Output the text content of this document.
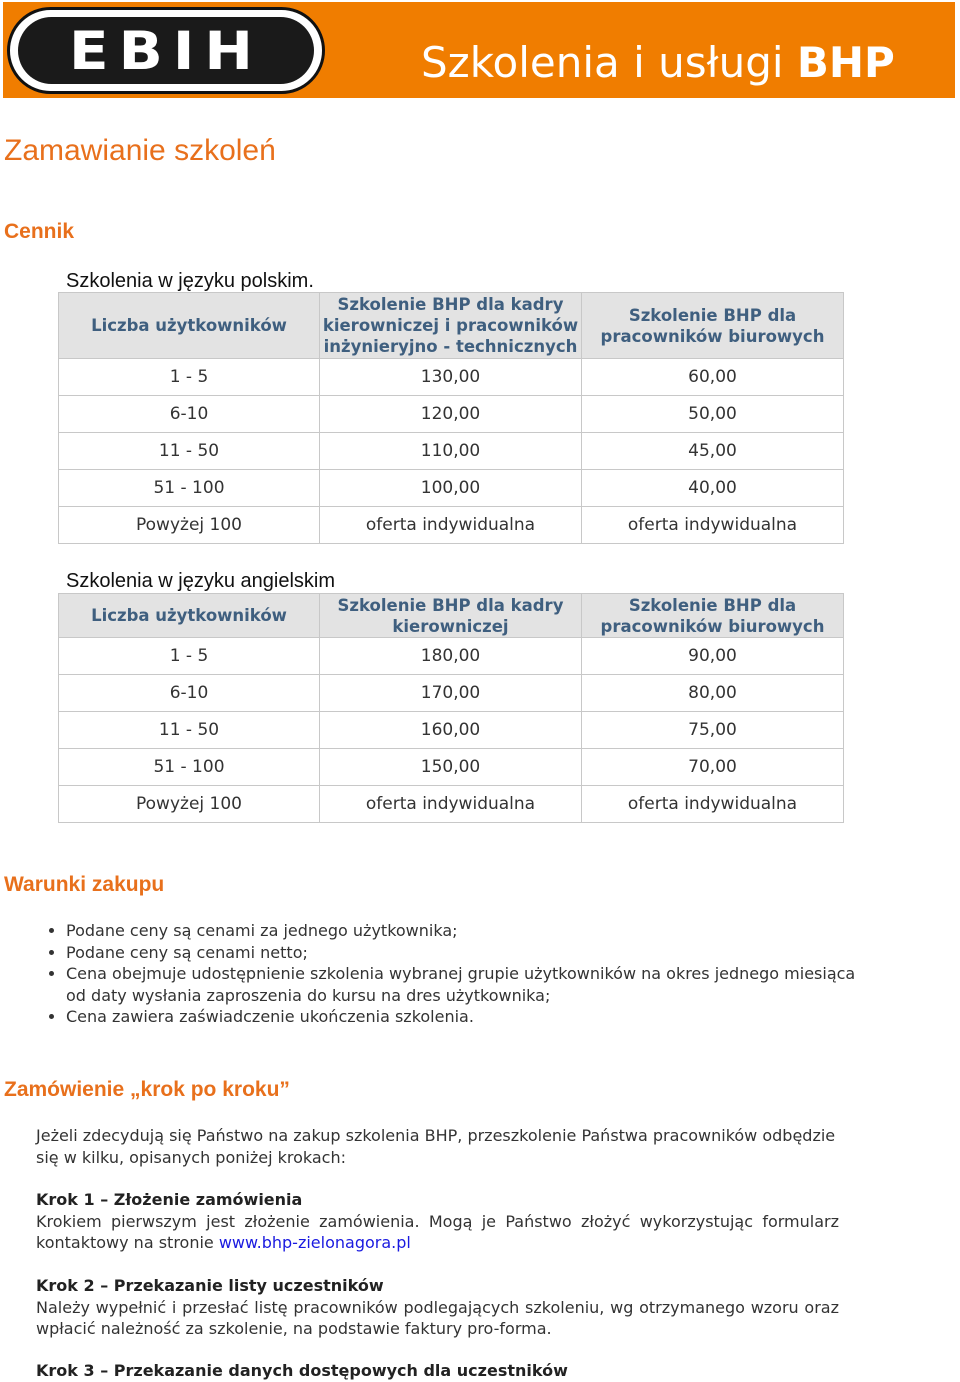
EBIH	Szkolenia i usługi BHP
Zamawianie szkoleń
Cennik
Szkolenia w języku polskim.
Liczba użytkowników	Szkolenie BHP dla kadry kierowniczej i pracowników inżynieryjno - technicznych	Szkolenie BHP dla pracowników biurowych
1 - 5	130,00	60,00
6-10	120,00	50,00
11 - 50	110,00	45,00
51 - 100	100,00	40,00
Powyżej 100	oferta indywidualna	oferta indywidualna
Szkolenia w języku angielskim
Liczba użytkowników	Szkolenie BHP dla kadry kierowniczej	Szkolenie BHP dla pracowników biurowych
1 - 5	180,00	90,00
6-10	170,00	80,00
11 - 50	160,00	75,00
51 - 100	150,00	70,00
Powyżej 100	oferta indywidualna	oferta indywidualna
Warunki zakupu
• Podane ceny są cenami za jednego użytkownika;
• Podane ceny są cenami netto;
• Cena obejmuje udostępnienie szkolenia wybranej grupie użytkowników na okres jednego miesiąca od daty wysłania zaproszenia do kursu na dres użytkownika;
• Cena zawiera zaświadczenie ukończenia szkolenia.
Zamówienie „krok po kroku”

Jeżeli zdecydują się Państwo na zakup szkolenia BHP, przeszkolenie Państwa pracowników odbędzie się w kilku, opisanych poniżej krokach:

Krok 1 – Złożenie zamówienia
Krokiem pierwszym jest złożenie zamówienia. Mogą je Państwo złożyć wykorzystując formularz kontaktowy na stronie www.bhp-zielonagora.pl
Krok 2 – Przekazanie listy uczestników
Należy wypełnić i przesłać listę pracowników podlegających szkoleniu, wg otrzymanego wzoru oraz wpłacić należność za szkolenie, na podstawie faktury pro-forma.
Krok 3 – Przekazanie danych dostępowych dla uczestników
